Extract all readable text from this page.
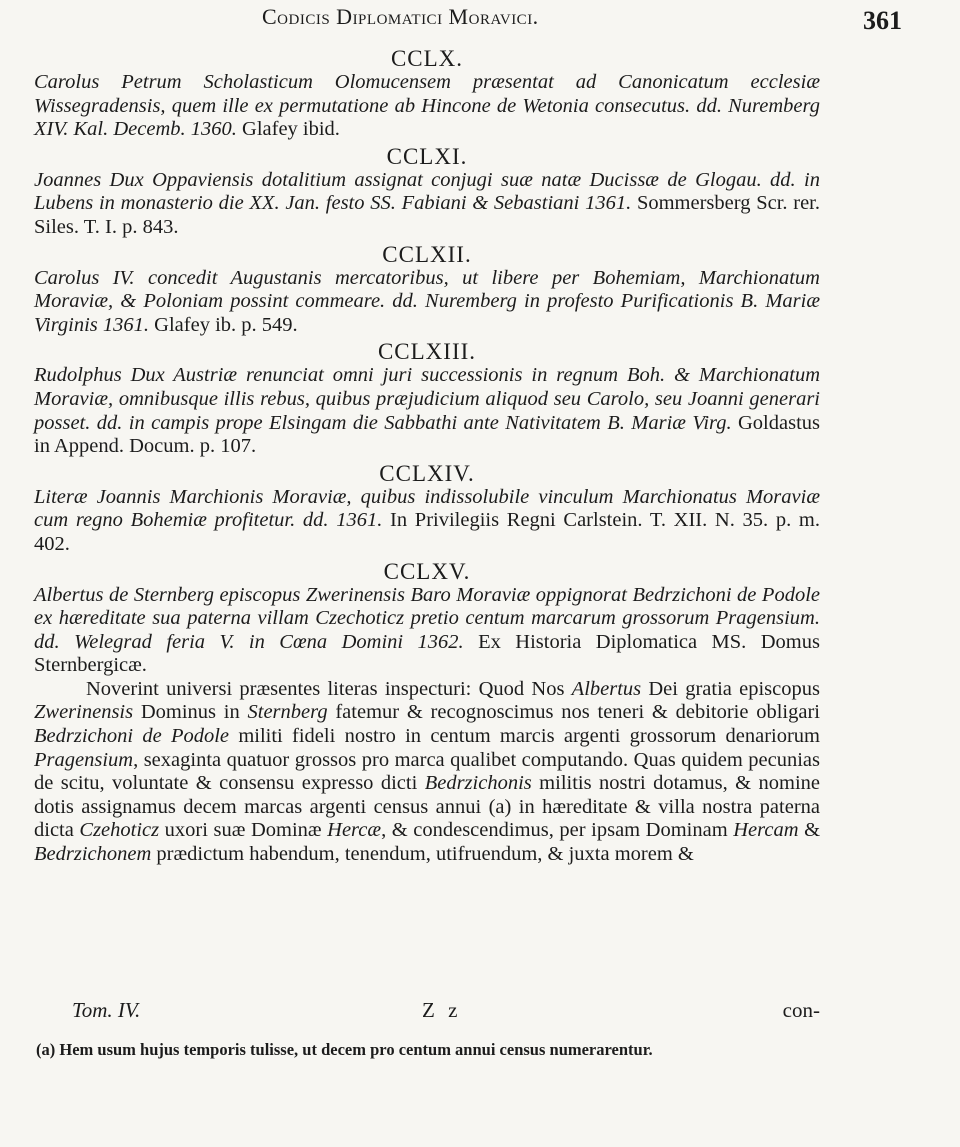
Codicis Diplomatici Moravici.	361
CCLX.

Carolus Petrum Scholasticum Olomucensem præsentat ad Canonicatum ecclesiæ Wissegradensis, quem ille ex permutatione ab Hincone de Wetonia consecutus. dd. Nuremberg XIV. Kal. Decemb. 1360. Glafey ibid.

CCLXI.

Joannes Dux Oppaviensis dotalitium assignat conjugi suæ natæ Ducissæ de Glogau. dd. in Lubens in monasterio die XX. Jan. festo SS. Fabiani & Sebastiani 1361. Sommersberg Scr. rer. Siles. T. I. p. 843.

CCLXII.

Carolus IV. concedit Augustanis mercatoribus, ut libere per Bohemiam, Marchionatum Moraviæ, & Poloniam possint commeare. dd. Nuremberg in profesto Purificationis B. Mariæ Virginis 1361. Glafey ib. p. 549.

CCLXIII.

Rudolphus Dux Austriæ renunciat omni juri successionis in regnum Boh. & Marchionatum Moraviæ, omnibusque illis rebus, quibus præjudicium aliquod seu Carolo, seu Joanni generari posset. dd. in campis prope Elsingam die Sabbathi ante Nativitatem B. Mariæ Virg. Goldastus in Append. Docum. p. 107.

CCLXIV.

Literæ Joannis Marchionis Moraviæ, quibus indissolubile vinculum Marchionatus Moraviæ cum regno Bohemiæ profitetur. dd. 1361. In Privilegiis Regni Carlstein. T. XII. N. 35. p. m. 402.

CCLXV.

Albertus de Sternberg episcopus Zwerinensis Baro Moraviæ oppignorat Bedrzichoni de Podole ex hæreditate sua paterna villam Czechoticz pretio centum marcarum grossorum Pragensium. dd. Welegrad feria V. in Cœna Domini 1362. Ex Historia Diplomatica MS. Domus Sternbergicæ.

Noverint universi præsentes literas inspecturi: Quod Nos Albertus Dei gratia episcopus Zwerinensis Dominus in Sternberg fatemur & recognoscimus nos teneri & debitorie obligari Bedrzichoni de Podole militi fideli nostro in centum marcis argenti grossorum denariorum Pragensium, sexaginta quatuor grossos pro marca qualibet computando. Quas quidem pecunias de scitu, voluntate & consensu expresso dicti Bedrzichonis militis nostri dotamus, & nomine dotis assignamus decem marcas argenti census annui (a) in hæreditate & villa nostra paterna dicta Czehoticz uxori suæ Dominæ Hercæ, & condescendimus, per ipsam Dominam Hercam & Bedrzichonem prædictum habendum, tenendum, utifruendum, & juxta morem &

Tom. IV.	Z z	con-
(a) Hem usum hujus temporis tulisse, ut decem pro centum annui census numerarentur.
